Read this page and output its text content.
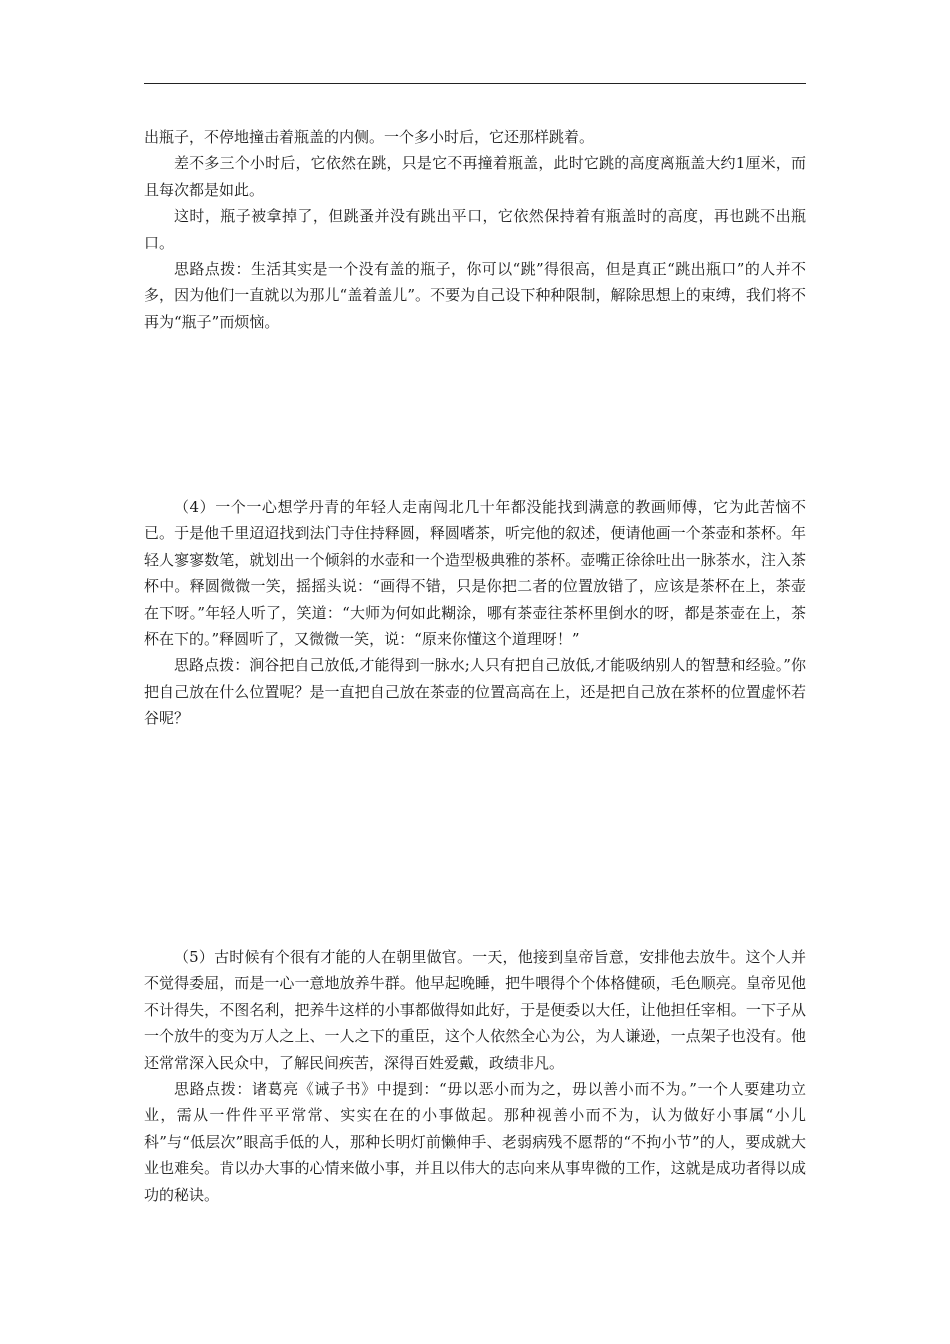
出瓶子，不停地撞击着瓶盖的内侧。一个多小时后，它还那样跳着。

差不多三个小时后，它依然在跳，只是它不再撞着瓶盖，此时它跳的高度离瓶盖大约1厘米，而且每次都是如此。

这时，瓶子被拿掉了，但跳蚤并没有跳出平口，它依然保持着有瓶盖时的高度，再也跳不出瓶口。

思路点拨：生活其实是一个没有盖的瓶子，你可以“跳”得很高，但是真正“跳出瓶口”的人并不多，因为他们一直就以为那儿“盖着盖儿”。不要为自己设下种种限制，解除思想上的束缚，我们将不再为“瓶子”而烦恼。

（4）一个一心想学丹青的年轻人走南闯北几十年都没能找到满意的教画师傅，它为此苦恼不已。于是他千里迢迢找到法门寺住持释圆，释圆嗜茶，听完他的叙述，便请他画一个茶壶和茶杯。年轻人寥寥数笔，就划出一个倾斜的水壶和一个造型极典雅的茶杯。壶嘴正徐徐吐出一脉茶水，注入茶杯中。释圆微微一笑，摇摇头说：“画得不错，只是你把二者的位置放错了，应该是茶杯在上，茶壶在下呀。”年轻人听了，笑道：“大师为何如此糊涂，哪有茶壶往茶杯里倒水的呀，都是茶壶在上，茶杯在下的。”释圆听了，又微微一笑，说：“原来你懂这个道理呀！”

思路点拨：涧谷把自己放低,才能得到一脉水;人只有把自己放低,才能吸纳别人的智慧和经验。”你把自己放在什么位置呢？是一直把自己放在茶壶的位置高高在上，还是把自己放在茶杯的位置虚怀若谷呢？

（5）古时候有个很有才能的人在朝里做官。一天，他接到皇帝旨意，安排他去放牛。这个人并不觉得委屈，而是一心一意地放养牛群。他早起晚睡，把牛喂得个个体格健硕，毛色顺亮。皇帝见他不计得失，不图名利，把养牛这样的小事都做得如此好，于是便委以大任，让他担任宰相。一下子从一个放牛的变为万人之上、一人之下的重臣，这个人依然全心为公，为人谦逊，一点架子也没有。他还常常深入民众中，了解民间疾苦，深得百姓爱戴，政绩非凡。

思路点拨：诸葛亮《诫子书》中提到：“毋以恶小而为之，毋以善小而不为。”一个人要建功立业，需从一件件平平常常、实实在在的小事做起。那种视善小而不为，认为做好小事属“小儿科”与“低层次”眼高手低的人，那种长明灯前懒伸手、老弱病残不愿帮的“不拘小节”的人，要成就大业也难矣。肯以办大事的心情来做小事，并且以伟大的志向来从事卑微的工作，这就是成功者得以成功的秘诀。
